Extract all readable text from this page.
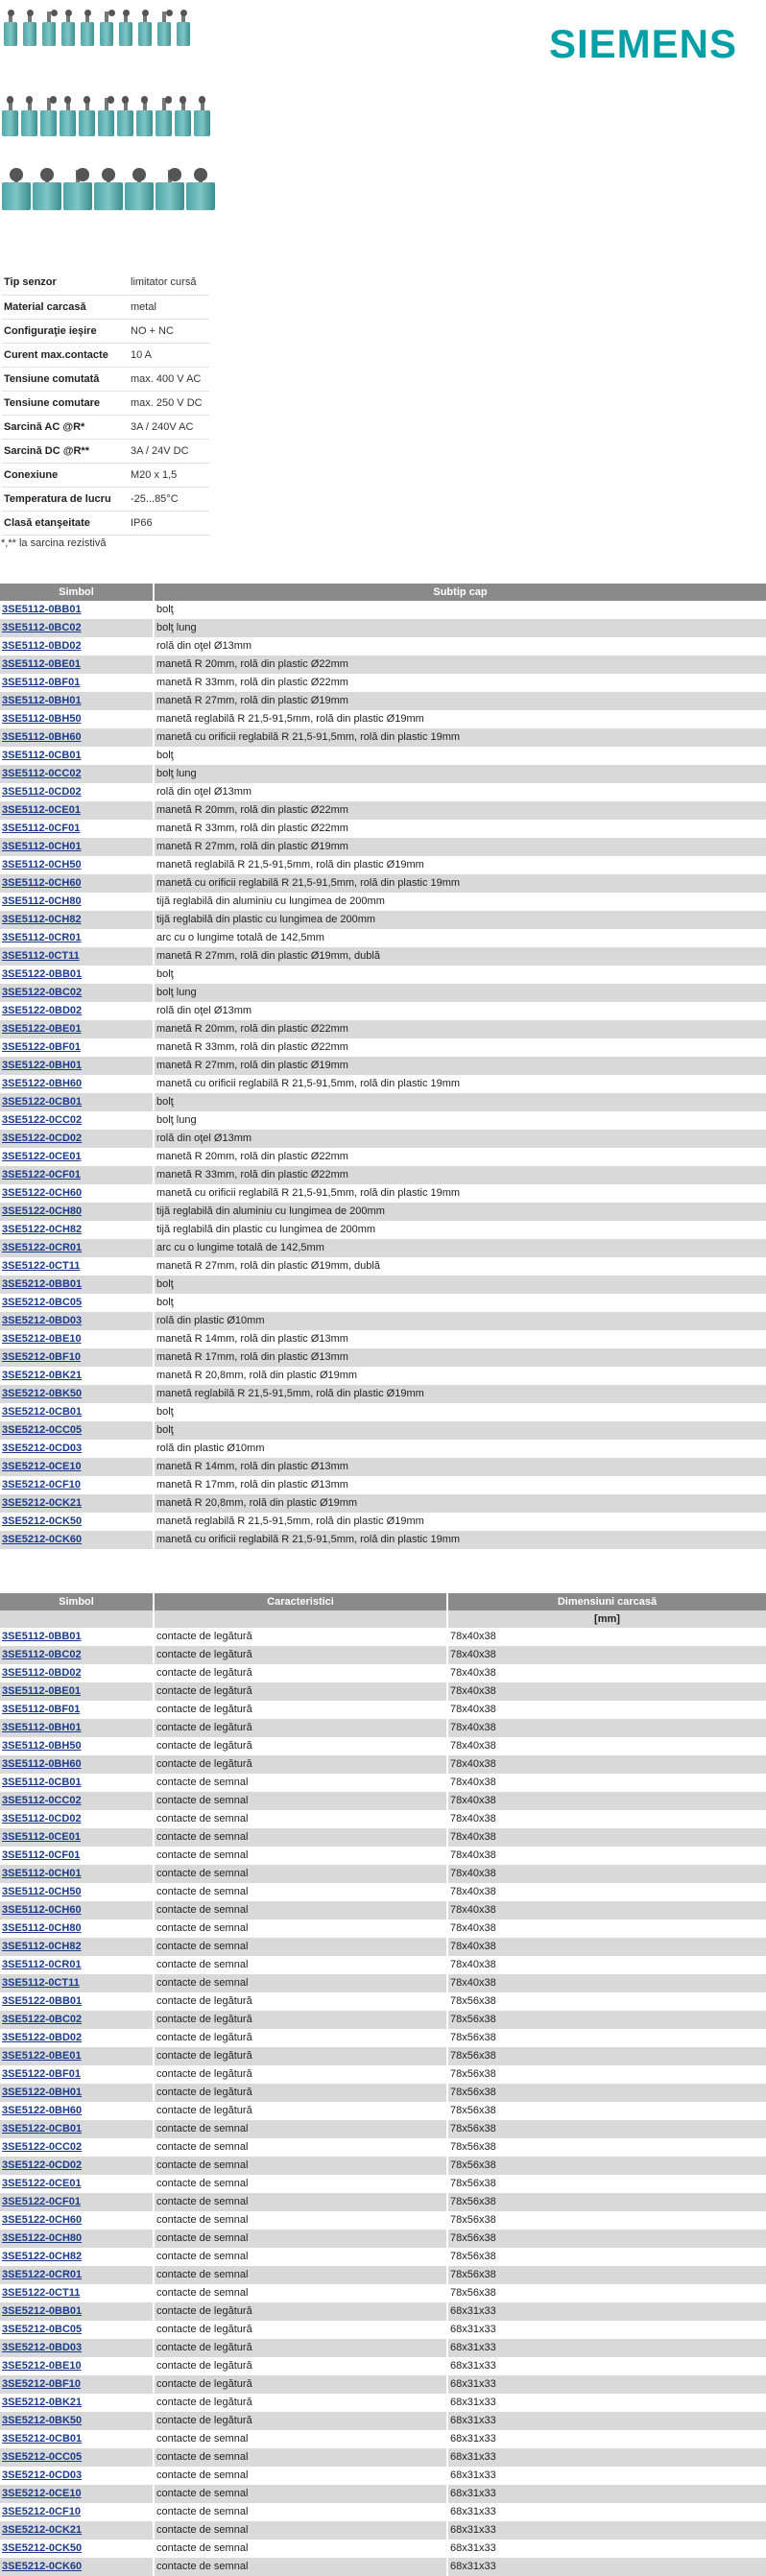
SIEMENS
Tip senzor	limitator cursă
Material carcasă	metal
Configuraţie ieşire	NO + NC
Curent max.contacte	10 A
Tensiune comutată	max. 400 V AC
Tensiune comutare	max. 250 V DC
Sarcină AC @R*	3A / 240V AC
Sarcină DC @R**	3A / 24V DC
Conexiune	M20 x 1,5
Temperatura de lucru	-25...85°C
Clasă etanşeitate	IP66
*,** la sarcina rezistivă
Simbol	Subtip cap
3SE5112-0BB01	bolţ
3SE5112-0BC02	bolţ lung
3SE5112-0BD02	rolă din oţel Ø13mm
3SE5112-0BE01	manetă R 20mm, rolă din plastic Ø22mm
3SE5112-0BF01	manetă R 33mm, rolă din plastic Ø22mm
3SE5112-0BH01	manetă R 27mm, rolă din plastic Ø19mm
3SE5112-0BH50	manetă reglabilă R 21,5-91,5mm, rolă din plastic Ø19mm
3SE5112-0BH60	manetă cu orificii reglabilă R 21,5-91,5mm, rolă din plastic 19mm
3SE5112-0CB01	bolţ
3SE5112-0CC02	bolţ lung
3SE5112-0CD02	rolă din oţel Ø13mm
3SE5112-0CE01	manetă R 20mm, rolă din plastic Ø22mm
3SE5112-0CF01	manetă R 33mm, rolă din plastic Ø22mm
3SE5112-0CH01	manetă R 27mm, rolă din plastic Ø19mm
3SE5112-0CH50	manetă reglabilă R 21,5-91,5mm, rolă din plastic Ø19mm
3SE5112-0CH60	manetă cu orificii reglabilă R 21,5-91,5mm, rolă din plastic 19mm
3SE5112-0CH80	tijă reglabilă din aluminiu cu lungimea de 200mm
3SE5112-0CH82	tijă reglabilă din plastic cu lungimea de 200mm
3SE5112-0CR01	arc cu o lungime totală de 142,5mm
3SE5112-0CT11	manetă R 27mm, rolă din plastic Ø19mm, dublă
3SE5122-0BB01	bolţ
3SE5122-0BC02	bolţ lung
3SE5122-0BD02	rolă din oţel Ø13mm
3SE5122-0BE01	manetă R 20mm, rolă din plastic Ø22mm
3SE5122-0BF01	manetă R 33mm, rolă din plastic Ø22mm
3SE5122-0BH01	manetă R 27mm, rolă din plastic Ø19mm
3SE5122-0BH60	manetă cu orificii reglabilă R 21,5-91,5mm, rolă din plastic 19mm
3SE5122-0CB01	bolţ
3SE5122-0CC02	bolţ lung
3SE5122-0CD02	rolă din oţel Ø13mm
3SE5122-0CE01	manetă R 20mm, rolă din plastic Ø22mm
3SE5122-0CF01	manetă R 33mm, rolă din plastic Ø22mm
3SE5122-0CH60	manetă cu orificii reglabilă R 21,5-91,5mm, rolă din plastic 19mm
3SE5122-0CH80	tijă reglabilă din aluminiu cu lungimea de 200mm
3SE5122-0CH82	tijă reglabilă din plastic cu lungimea de 200mm
3SE5122-0CR01	arc cu o lungime totală de 142,5mm
3SE5122-0CT11	manetă R 27mm, rolă din plastic Ø19mm, dublă
3SE5212-0BB01	bolţ
3SE5212-0BC05	bolţ
3SE5212-0BD03	rolă din plastic Ø10mm
3SE5212-0BE10	manetă R 14mm, rolă din plastic Ø13mm
3SE5212-0BF10	manetă R 17mm, rolă din plastic Ø13mm
3SE5212-0BK21	manetă R 20,8mm, rolă din plastic Ø19mm
3SE5212-0BK50	manetă reglabilă R 21,5-91,5mm, rolă din plastic Ø19mm
3SE5212-0CB01	bolţ
3SE5212-0CC05	bolţ
3SE5212-0CD03	rolă din plastic Ø10mm
3SE5212-0CE10	manetă R 14mm, rolă din plastic Ø13mm
3SE5212-0CF10	manetă R 17mm, rolă din plastic Ø13mm
3SE5212-0CK21	manetă R 20,8mm, rolă din plastic Ø19mm
3SE5212-0CK50	manetă reglabilă R 21,5-91,5mm, rolă din plastic Ø19mm
3SE5212-0CK60	manetă cu orificii reglabilă R 21,5-91,5mm, rolă din plastic 19mm
Simbol	Caracteristici	Dimensiuni carcasă
		[mm]
3SE5112-0BB01	contacte de legătură	78x40x38
3SE5112-0BC02	contacte de legătură	78x40x38
3SE5112-0BD02	contacte de legătură	78x40x38
3SE5112-0BE01	contacte de legătură	78x40x38
3SE5112-0BF01	contacte de legătură	78x40x38
3SE5112-0BH01	contacte de legătură	78x40x38
3SE5112-0BH50	contacte de legătură	78x40x38
3SE5112-0BH60	contacte de legătură	78x40x38
3SE5112-0CB01	contacte de semnal	78x40x38
3SE5112-0CC02	contacte de semnal	78x40x38
3SE5112-0CD02	contacte de semnal	78x40x38
3SE5112-0CE01	contacte de semnal	78x40x38
3SE5112-0CF01	contacte de semnal	78x40x38
3SE5112-0CH01	contacte de semnal	78x40x38
3SE5112-0CH50	contacte de semnal	78x40x38
3SE5112-0CH60	contacte de semnal	78x40x38
3SE5112-0CH80	contacte de semnal	78x40x38
3SE5112-0CH82	contacte de semnal	78x40x38
3SE5112-0CR01	contacte de semnal	78x40x38
3SE5112-0CT11	contacte de semnal	78x40x38
3SE5122-0BB01	contacte de legătură	78x56x38
3SE5122-0BC02	contacte de legătură	78x56x38
3SE5122-0BD02	contacte de legătură	78x56x38
3SE5122-0BE01	contacte de legătură	78x56x38
3SE5122-0BF01	contacte de legătură	78x56x38
3SE5122-0BH01	contacte de legătură	78x56x38
3SE5122-0BH60	contacte de legătură	78x56x38
3SE5122-0CB01	contacte de semnal	78x56x38
3SE5122-0CC02	contacte de semnal	78x56x38
3SE5122-0CD02	contacte de semnal	78x56x38
3SE5122-0CE01	contacte de semnal	78x56x38
3SE5122-0CF01	contacte de semnal	78x56x38
3SE5122-0CH60	contacte de semnal	78x56x38
3SE5122-0CH80	contacte de semnal	78x56x38
3SE5122-0CH82	contacte de semnal	78x56x38
3SE5122-0CR01	contacte de semnal	78x56x38
3SE5122-0CT11	contacte de semnal	78x56x38
3SE5212-0BB01	contacte de legătură	68x31x33
3SE5212-0BC05	contacte de legătură	68x31x33
3SE5212-0BD03	contacte de legătură	68x31x33
3SE5212-0BE10	contacte de legătură	68x31x33
3SE5212-0BF10	contacte de legătură	68x31x33
3SE5212-0BK21	contacte de legătură	68x31x33
3SE5212-0BK50	contacte de legătură	68x31x33
3SE5212-0CB01	contacte de semnal	68x31x33
3SE5212-0CC05	contacte de semnal	68x31x33
3SE5212-0CD03	contacte de semnal	68x31x33
3SE5212-0CE10	contacte de semnal	68x31x33
3SE5212-0CF10	contacte de semnal	68x31x33
3SE5212-0CK21	contacte de semnal	68x31x33
3SE5212-0CK50	contacte de semnal	68x31x33
3SE5212-0CK60	contacte de semnal	68x31x33
